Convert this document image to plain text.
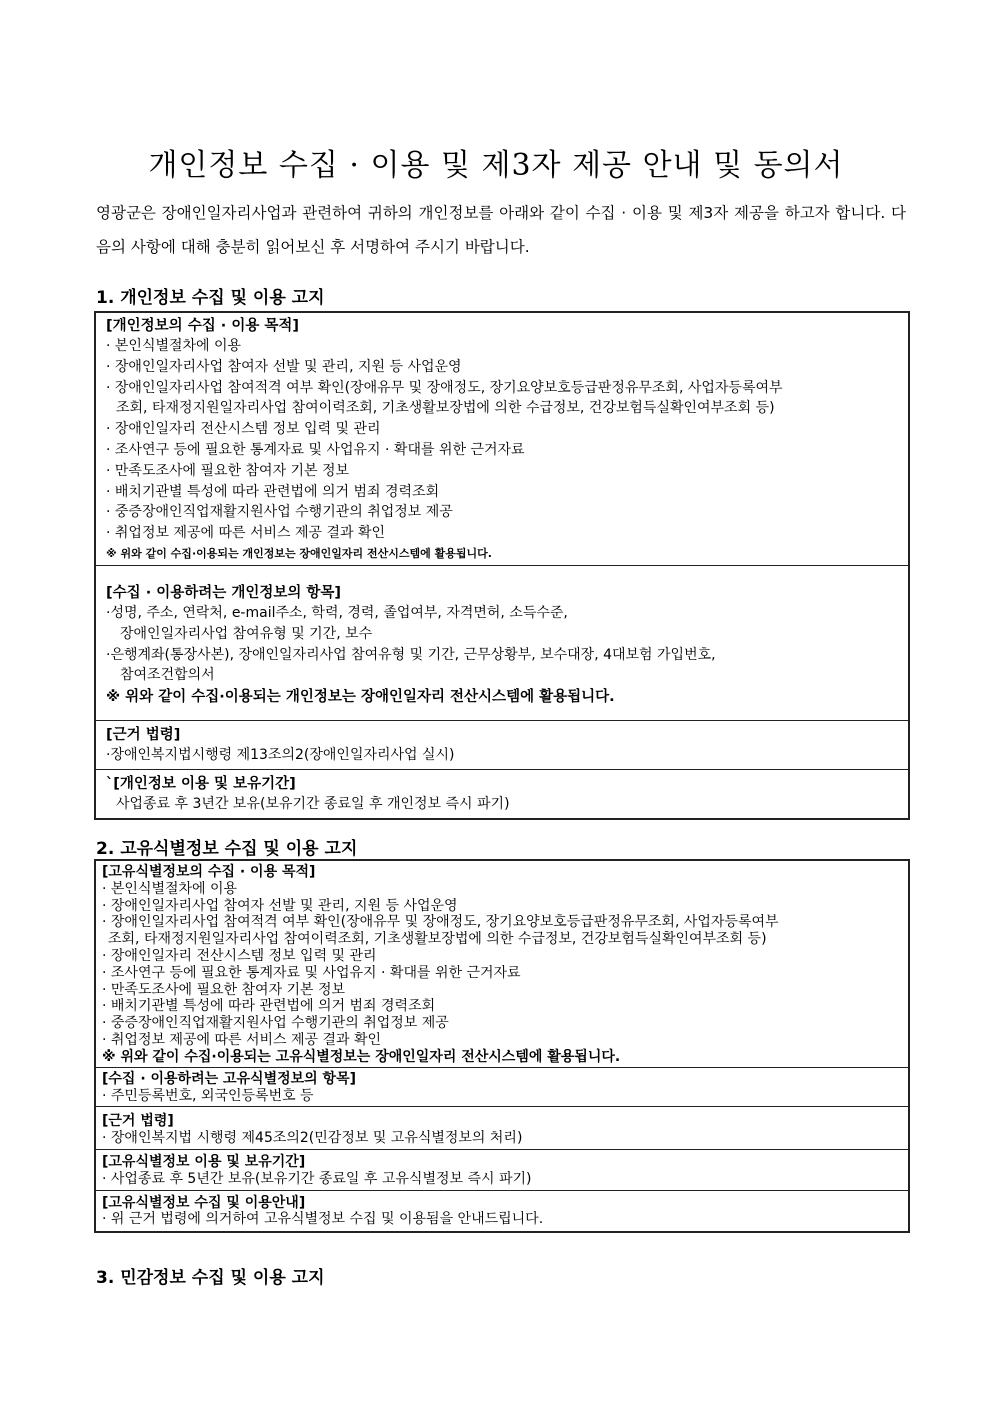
개인정보 수집 · 이용 및 제3자 제공 안내 및 동의서
영광군은 장애인일자리사업과 관련하여 귀하의 개인정보를 아래와 같이 수집 · 이용 및 제3자 제공을 하고자 합니다. 다음의 사항에 대해 충분히 읽어보신 후 서명하여 주시기 바랍니다.
1. 개인정보 수집 및 이용 고지
[개인정보의 수집 · 이용 목적]
· 본인식별절차에 이용
· 장애인일자리사업 참여자 선발 및 관리, 지원 등 사업운영
· 장애인일자리사업 참여적격 여부 확인(장애유무 및 장애정도, 장기요양보호등급판정유무조회, 사업자등록여부
조회, 타재정지원일자리사업 참여이력조회, 기초생활보장법에 의한 수급정보, 건강보험득실확인여부조회 등)
· 장애인일자리 전산시스템 정보 입력 및 관리
· 조사연구 등에 필요한 통계자료 및 사업유지 · 확대를 위한 근거자료
· 만족도조사에 필요한 참여자 기본 정보
· 배치기관별 특성에 따라 관련법에 의거 범죄 경력조회
· 중증장애인직업재활지원사업 수행기관의 취업정보 제공
· 취업정보 제공에 따른 서비스 제공 결과 확인
※ 위와 같이 수집·이용되는 개인정보는 장애인일자리 전산시스템에 활용됩니다.
[수집 · 이용하려는 개인정보의 항목]
·성명, 주소, 연락처, e-mail주소, 학력, 경력, 졸업여부, 자격면허, 소득수준,
장애인일자리사업 참여유형 및 기간, 보수
·은행계좌(통장사본), 장애인일자리사업 참여유형 및 기간, 근무상황부, 보수대장, 4대보험 가입번호,
참여조건합의서
※ 위와 같이 수집·이용되는 개인정보는 장애인일자리 전산시스템에 활용됩니다.
[근거 법령]
·장애인복지법시행령 제13조의2(장애인일자리사업 실시)
`[개인정보 이용 및 보유기간]
사업종료 후 3년간 보유(보유기간 종료일 후 개인정보 즉시 파기)
2. 고유식별정보 수집 및 이용 고지
[고유식별정보의 수집 · 이용 목적]
· 본인식별절차에 이용
· 장애인일자리사업 참여자 선발 및 관리, 지원 등 사업운영
· 장애인일자리사업 참여적격 여부 확인(장애유무 및 장애정도, 장기요양보호등급판정유무조회, 사업자등록여부
조회, 타재정지원일자리사업 참여이력조회, 기초생활보장법에 의한 수급정보, 건강보험득실확인여부조회 등)
· 장애인일자리 전산시스템 정보 입력 및 관리
· 조사연구 등에 필요한 통계자료 및 사업유지 · 확대를 위한 근거자료
· 만족도조사에 필요한 참여자 기본 정보
· 배치기관별 특성에 따라 관련법에 의거 범죄 경력조회
· 중증장애인직업재활지원사업 수행기관의 취업정보 제공
· 취업정보 제공에 따른 서비스 제공 결과 확인
※ 위와 같이 수집·이용되는 고유식별정보는 장애인일자리 전산시스템에 활용됩니다.
[수집 · 이용하려는 고유식별정보의 항목]
· 주민등록번호, 외국인등록번호 등
[근거 법령]
· 장애인복지법 시행령 제45조의2(민감정보 및 고유식별정보의 처리)
[고유식별정보 이용 및 보유기간]
· 사업종료 후 5년간 보유(보유기간 종료일 후 고유식별정보 즉시 파기)
[고유식별정보 수집 및 이용안내]
· 위 근거 법령에 의거하여 고유식별정보 수집 및 이용됨을 안내드립니다.
3. 민감정보 수집 및 이용 고지
